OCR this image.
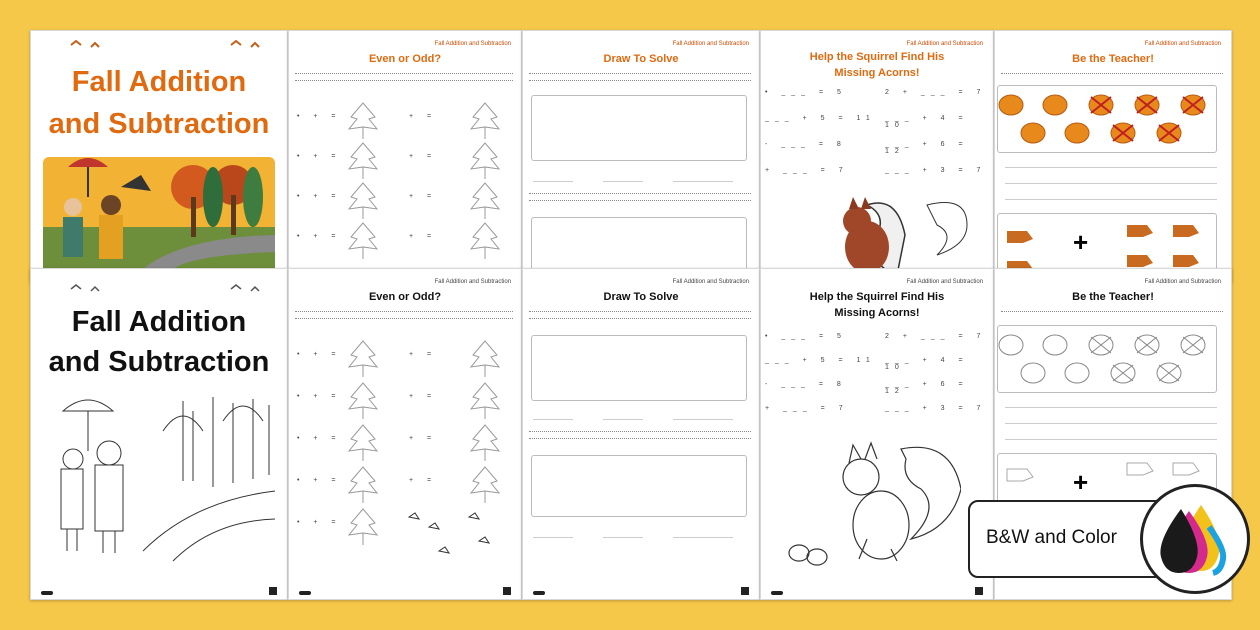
Fall Addition
and Subtraction
Fall Addition and Subtraction
Even or Odd?
• + =	+ =
• + =	+ =
• + =	+ =
• + =	+ =
Fall Addition and Subtraction
Draw To Solve
Fall Addition and Subtraction
Help the Squirrel Find His
Missing Acorns!
• ___ = 5	2 + ___ = 7
___ + 5 = 11 ___ + 4 = 10
- ___ = 8	___ + 6 = 12
+ ___ = 7	___ + 3 = 7
Fall Addition and Subtraction
Be the Teacher!
+
Fall Addition
and Subtraction
Fall Addition and Subtraction
Even or Odd?
• + =	+ =
• + =	+ =
• + =	+ =
• + =	+ =
• + =
Fall Addition and Subtraction
Draw To Solve
Fall Addition and Subtraction
Help the Squirrel Find His
Missing Acorns!
• ___ = 5	2 + ___ = 7
___ + 5 = 11 ___ + 4 = 10
- ___ = 8	___ + 6 = 12
+ ___ = 7	___ + 3 = 7
Fall Addition and Subtraction
Be the Teacher!
+
B&W and Color
